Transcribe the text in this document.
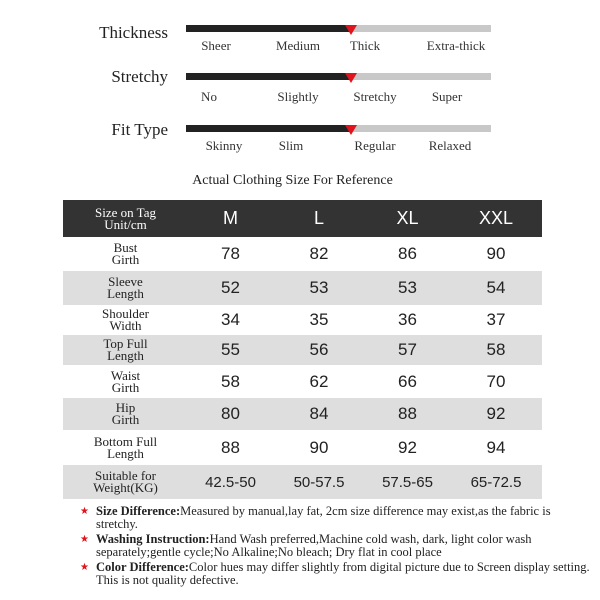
Thickness
Sheer	Medium Thick	Extra-thick
Stretchy
No	Slightly	Stretchy	Super
Fit Type
Skinny	Slim	Regular	Relaxed
Actual Clothing Size For Reference
Size on Tag
Unit/cm	M	L	XL	XXL
Bust
Girth	78	82	86	90
Sleeve
Length	52	53	53	54
Shoulder
Width	34	35	36	37
Top Full
Length	55	56	57	58
Waist
Girth	58	62	66	70
Hip
Girth	80	84	88	92
Bottom Full
Length	88	90	92	94
Suitable for
Weight(KG)	42.5-50	50-57.5	57.5-65	65-72.5
★ Size Difference:Measured by manual,lay fat, 2cm size difference may exist,as the fabric is stretchy.
★ Washing Instruction:Hand Wash preferred,Machine cold wash, dark, light color wash separately;gentle cycle;No Alkaline;No bleach; Dry flat in cool place
★ Color Difference:Color hues may differ slightly from digital picture due to Screen display setting. This is not quality defective.
